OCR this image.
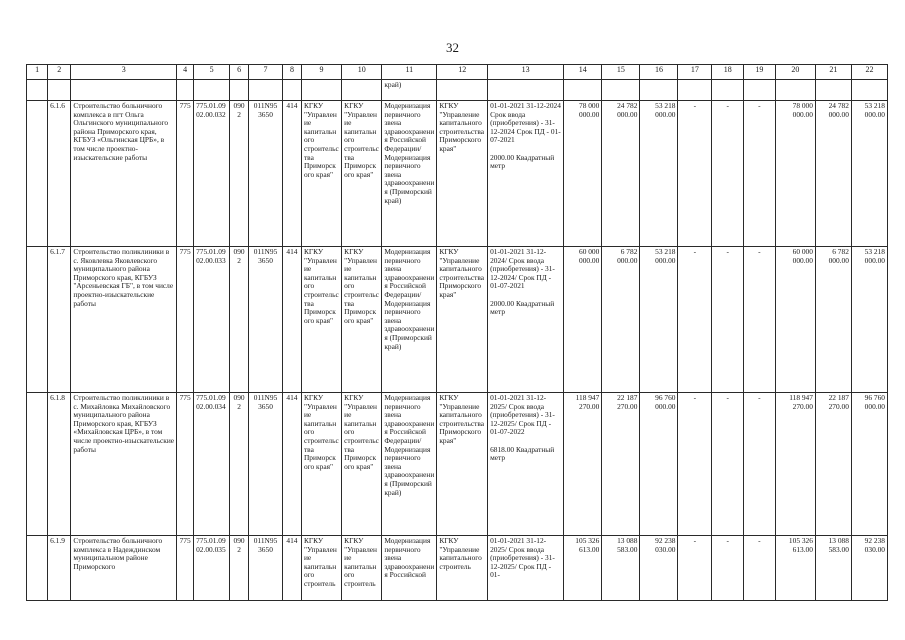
32
1	2	3	4	5	6	7	8	9	10	11	12	13	14	15	16	17	18	19	20	21	22
										край)											
	6.1.6	Строительство больничного комплекса в пгт Ольга Ольгинского муниципального района Приморского края, КГБУЗ «Ольгинская ЦРБ», в том числе проектно-изыскательские работы	775	775.01.09 02.00.032	0902	011N95 3650	414	КГКУ "Управление капитального строительства Приморского края"	КГКУ "Управление капитального строительства Приморского края"	Модернизация первичного звена здравоохранения Российской Федерации/Модернизация первичного звена здравоохранения (Приморский край)	КГКУ "Управление капитального строительства Приморского края"	01-01-2021 31-12-2024 Срок ввода (приобретения) - 31-12-2024 Срок ПД - 01-07-2021

2000.00 Квадратный метр	78 000 000.00	24 782 000.00	53 218 000.00	-	-	-	78 000 000.00	24 782 000.00	53 218 000.00
	6.1.7	Строительство поликлиники в с. Яковлевка Яковлевского муниципального района Приморского края, КГБУЗ "Арсеньевская ГБ", в том числе проектно-изыскательские работы	775	775.01.09 02.00.033	0902	011N95 3650	414	КГКУ "Управление капитального строительства Приморского края"	КГКУ "Управление капитального строительства Приморского края"	Модернизация первичного звена здравоохранения Российской Федерации/Модернизация первичного звена здравоохранения (Приморский край)	КГКУ "Управление капитального строительства Приморского края"	01-01-2021 31-12-2024/ Срок ввода (приобретения) - 31-12-2024/ Срок ПД - 01-07-2021

2000.00 Квадратный метр	60 000 000.00	6 782 000.00	53 218 000.00	-	-	-	60 000 000.00	6 782 000.00	53 218 000.00
	6.1.8	Строительство поликлиники в с. Михайловка Михайловского муниципального района Приморского края, КГБУЗ «Михайловская ЦРБ», в том числе проектно-изыскательские работы	775	775.01.09 02.00.034	0902	011N95 3650	414	КГКУ "Управление капитального строительства Приморского края"	КГКУ "Управление капитального строительства Приморского края"	Модернизация первичного звена здравоохранения Российской Федерации/Модернизация первичного звена здравоохранения (Приморский край)	КГКУ "Управление капитального строительства Приморского края"	01-01-2021 31-12-2025/ Срок ввода (приобретения) - 31-12-2025/ Срок ПД - 01-07-2022

6818.00 Квадратный метр	118 947 270.00	22 187 270.00	96 760 000.00	-	-	-	118 947 270.00	22 187 270.00	96 760 000.00
	6.1.9	Строительство больничного комплекса в Надеждинском муниципальном районе Приморского	775	775.01.09 02.00.035	0902	011N95 3650	414	КГКУ "Управление капитального строитель	КГКУ "Управление капитального строитель	Модернизация первичного звена здравоохранения Российской	КГКУ "Управление капитального строитель	01-01-2021 31-12-2025/ Срок ввода (приобретения) - 31-12-2025/ Срок ПД - 01-	105 326 613.00	13 088 583.00	92 238 030.00	-	-	-	105 326 613.00	13 088 583.00	92 238 030.00
